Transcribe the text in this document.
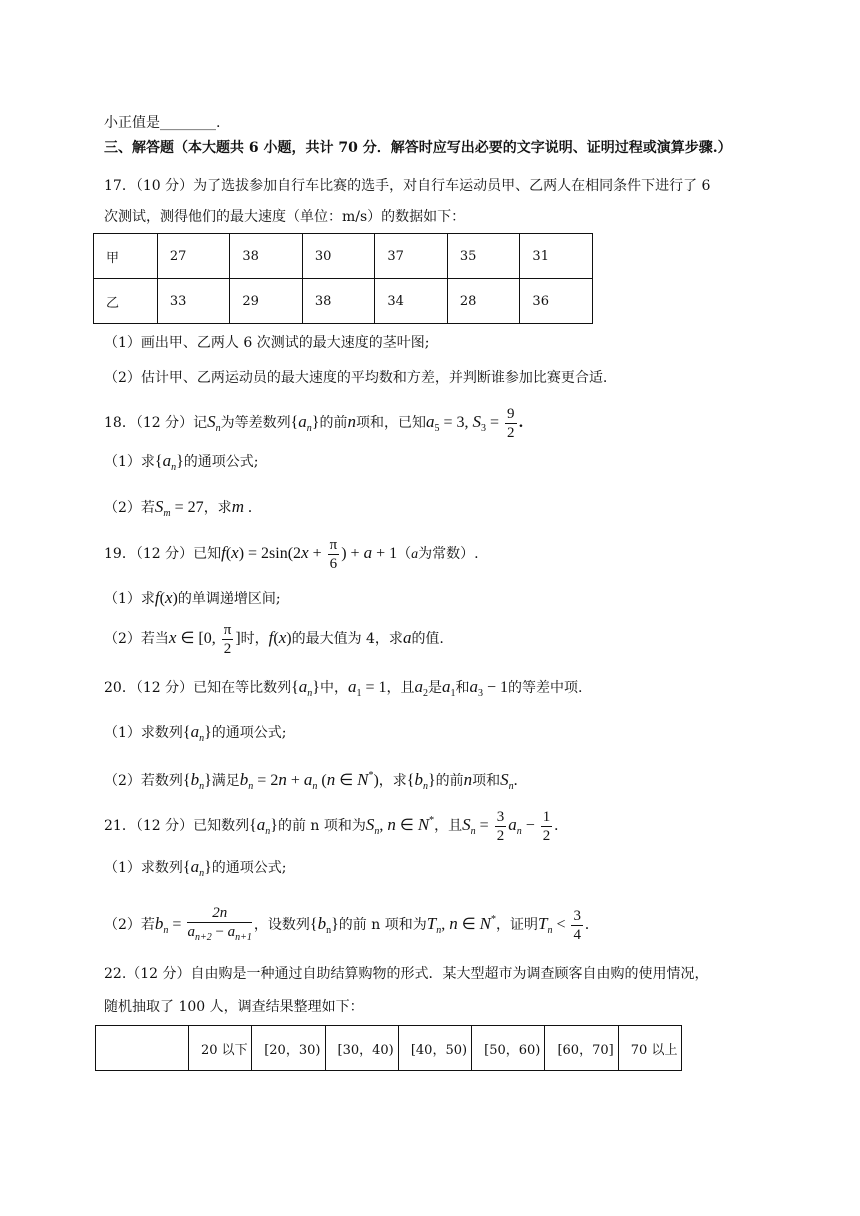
小正值是________.
三、解答题（本大题共 6 小题，共计 70 分．解答时应写出必要的文字说明、证明过程或演算步骤.）
17．（10 分）为了选拔参加自行车比赛的选手，对自行车运动员甲、乙两人在相同条件下进行了 6
次测试，测得他们的最大速度（单位：m/s）的数据如下：
甲	27	38	30	37	35	31
乙	33	29	38	34	28	36
（1）画出甲、乙两人 6 次测试的最大速度的茎叶图;
（2）估计甲、乙两运动员的最大速度的平均数和方差，并判断谁参加比赛更合适.
18．（12 分）记$S_n$为等差数列$\{a_n\}$的前n项和，已知$a_5 = 3$, $S_3 = \frac{9}{2}$ .
（1）求$\{a_n\}$的通项公式;
（2）若$S_m = 27$，求m .
19．（12 分）已知$f(x) = 2\sin(2x + \frac{\pi}{6}$ ) + a + 1（a为常数）.
（1）求f(x)的单调递增区间;
（2）若当x ∈ [0, $\frac{\pi}{2}$ ]时，f(x)的最大值为 4，求a的值.
20．（12 分）已知在等比数列$\{a_n\}$中，$a_1 = 1$，且$a_2$是$a_1$和$a_3 - 1$的等差中项.
（1）求数列$\{a_n\}$的通项公式;
（2）若数列$\{b_n\}$满足$b_n = 2n + a_n$ (n ∈ N*)，求$\{b_n\}$的前n项和$S_n$.
21．（12 分）已知数列$\{a_n\}$的前 n 项和为$S_n$, n ∈ N*，且$S_n = \frac{3}{2} a_n - \frac{1}{2}$ .
（1）求数列$\{a_n\}$的通项公式;
（2）若$b_n = \frac{2n}{a_{n+2} - a_{n+1}}$ ，设数列$\{b_n\}$的前 n 项和为$T_n$, n ∈ N*，证明$T_n < \frac{3}{4}$ .
22.（12 分）自由购是一种通过自助结算购物的形式．某大型超市为调查顾客自由购的使用情况，
随机抽取了 100 人，调查结果整理如下：
	20 以下	[20，30)	[30，40)	[40，50)	[50，60)	[60，70]	70 以上
